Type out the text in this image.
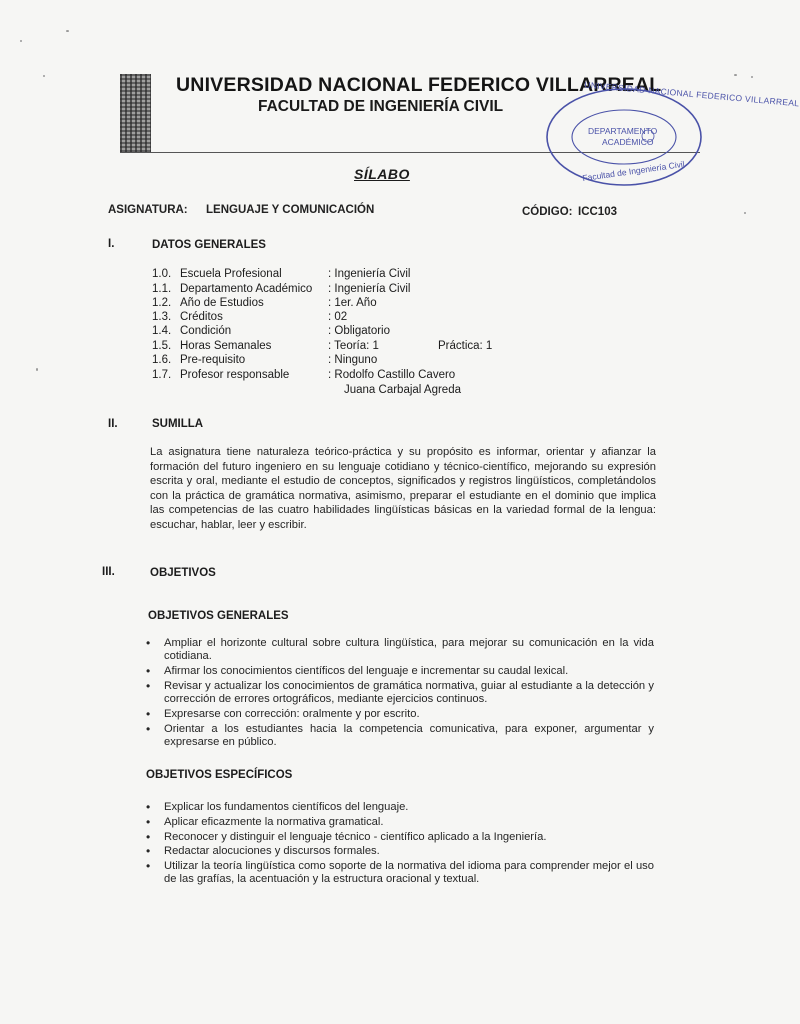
UNIVERSIDAD NACIONAL FEDERICO VILLARREAL
FACULTAD DE INGENIERÍA CIVIL	UNIVERSIDAD NACIONAL FEDERICO VILLARREAL
DEPARTAMENTO
ACADÉMICO
Facultad de Ingeniería Civil
SÍLABO
ASIGNATURA: LENGUAJE Y COMUNICACIÓN	CÓDIGO: ICC103
I.	DATOS GENERALES
1.0. Escuela Profesional	: Ingeniería Civil
1.1. Departamento Académico : Ingeniería Civil
1.2. Año de Estudios	: 1er. Año
1.3. Créditos	: 02
1.4. Condición	: Obligatorio
1.5. Horas Semanales	: Teoría: 1	Práctica: 1
1.6. Pre-requisito	: Ninguno
1.7. Profesor responsable	: Rodolfo Castillo Cavero
Juana Carbajal Agreda
II.	SUMILLA

La asignatura tiene naturaleza teórico-práctica y su propósito es informar, orientar y afianzar la formación del futuro ingeniero en su lenguaje cotidiano y técnico-científico, mejorando su expresión escrita y oral, mediante el estudio de conceptos, significados y registros lingüísticos, completándolos con la práctica de gramática normativa, asimismo, preparar el estudiante en el dominio que implica las competencias de las cuatro habilidades lingüísticas básicas en la variedad formal de la lengua: escuchar, hablar, leer y escribir.

III.	OBJETIVOS
OBJETIVOS GENERALES
• Ampliar el horizonte cultural sobre cultura lingüística, para mejorar su comunicación en la vida cotidiana.
• Afirmar los conocimientos científicos del lenguaje e incrementar su caudal lexical.
• Revisar y actualizar los conocimientos de gramática normativa, guiar al estudiante a la detección y corrección de errores ortográficos, mediante ejercicios continuos.
• Expresarse con corrección: oralmente y por escrito.
• Orientar a los estudiantes hacia la competencia comunicativa, para exponer, argumentar y expresarse en público.
OBJETIVOS ESPECÍFICOS
• Explicar los fundamentos científicos del lenguaje.
• Aplicar eficazmente la normativa gramatical.
• Reconocer y distinguir el lenguaje técnico - científico aplicado a la Ingeniería.
• Redactar alocuciones y discursos formales.
• Utilizar la teoría lingüística como soporte de la normativa del idioma para comprender mejor el uso de las grafías, la acentuación y la estructura oracional y textual.
